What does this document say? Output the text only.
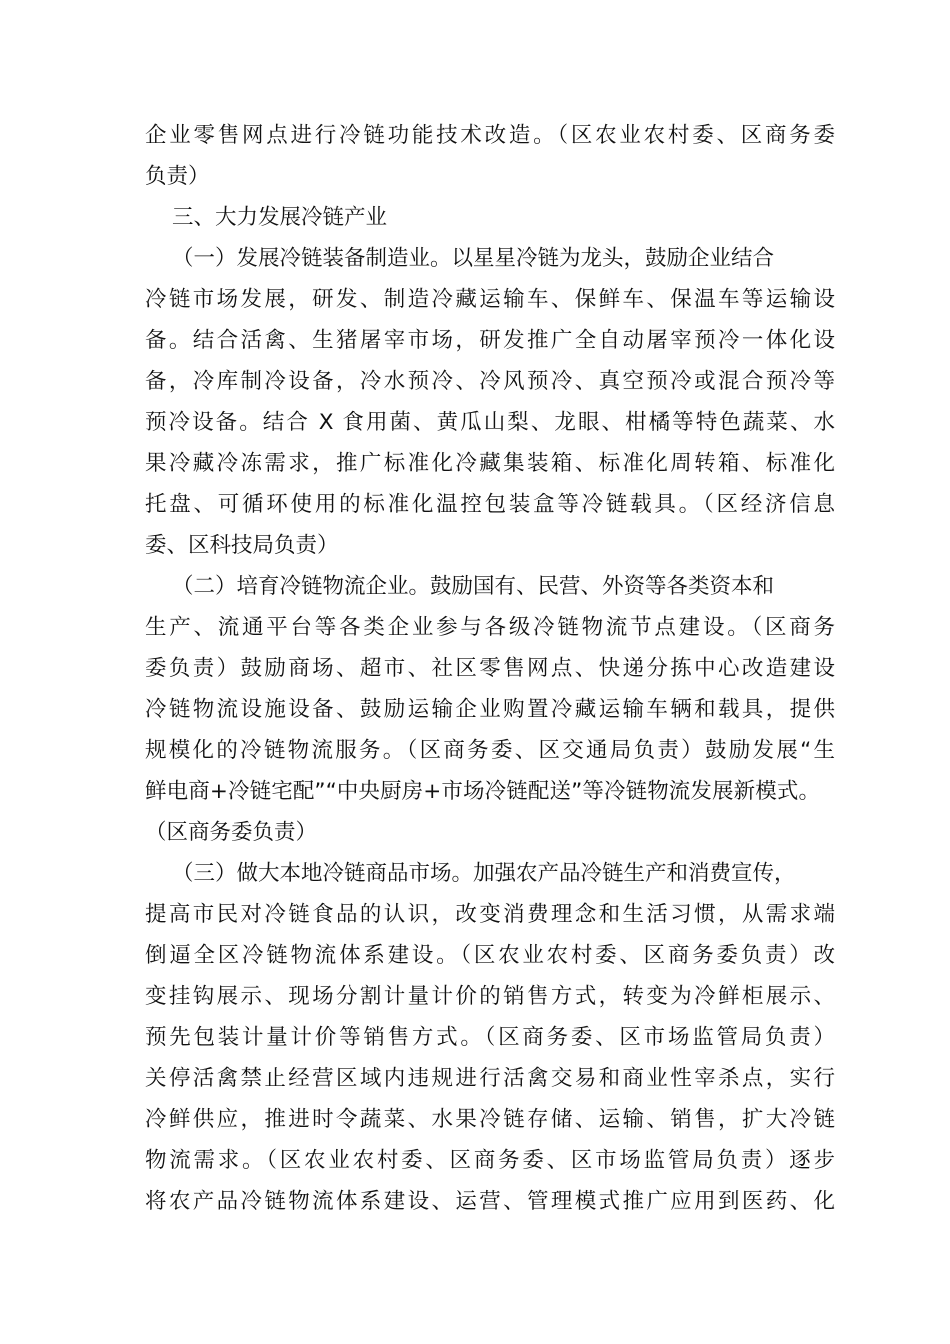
企业零售网点进行冷链功能技术改造。（区农业农村委、区商务委
负责）
三、大力发展冷链产业
（一）发展冷链装备制造业。以星星冷链为龙头，鼓励企业结合
冷链市场发展，研发、制造冷藏运输车、保鲜车、保温车等运输设
备。结合活禽、生猪屠宰市场，研发推广全自动屠宰预冷一体化设
备，冷库制冷设备，冷水预冷、冷风预冷、真空预冷或混合预冷等
预冷设备。结合 X 食用菌、黄瓜山梨、龙眼、柑橘等特色蔬菜、水
果冷藏冷冻需求，推广标准化冷藏集装箱、标准化周转箱、标准化
托盘、可循环使用的标准化温控包装盒等冷链载具。（区经济信息
委、区科技局负责）
（二）培育冷链物流企业。鼓励国有、民营、外资等各类资本和
生产、流通平台等各类企业参与各级冷链物流节点建设。（区商务
委负责）鼓励商场、超市、社区零售网点、快递分拣中心改造建设
冷链物流设施设备、鼓励运输企业购置冷藏运输车辆和载具，提供
规模化的冷链物流服务。（区商务委、区交通局负责）鼓励发展“生
鲜电商+冷链宅配”“中央厨房+市场冷链配送”等冷链物流发展新模式。
（区商务委负责）
（三）做大本地冷链商品市场。加强农产品冷链生产和消费宣传，
提高市民对冷链食品的认识，改变消费理念和生活习惯，从需求端
倒逼全区冷链物流体系建设。（区农业农村委、区商务委负责）改
变挂钩展示、现场分割计量计价的销售方式，转变为冷鲜柜展示、
预先包装计量计价等销售方式。（区商务委、区市场监管局负责）
关停活禽禁止经营区域内违规进行活禽交易和商业性宰杀点，实行
冷鲜供应，推进时令蔬菜、水果冷链存储、运输、销售，扩大冷链
物流需求。（区农业农村委、区商务委、区市场监管局负责）逐步
将农产品冷链物流体系建设、运营、管理模式推广应用到医药、化
